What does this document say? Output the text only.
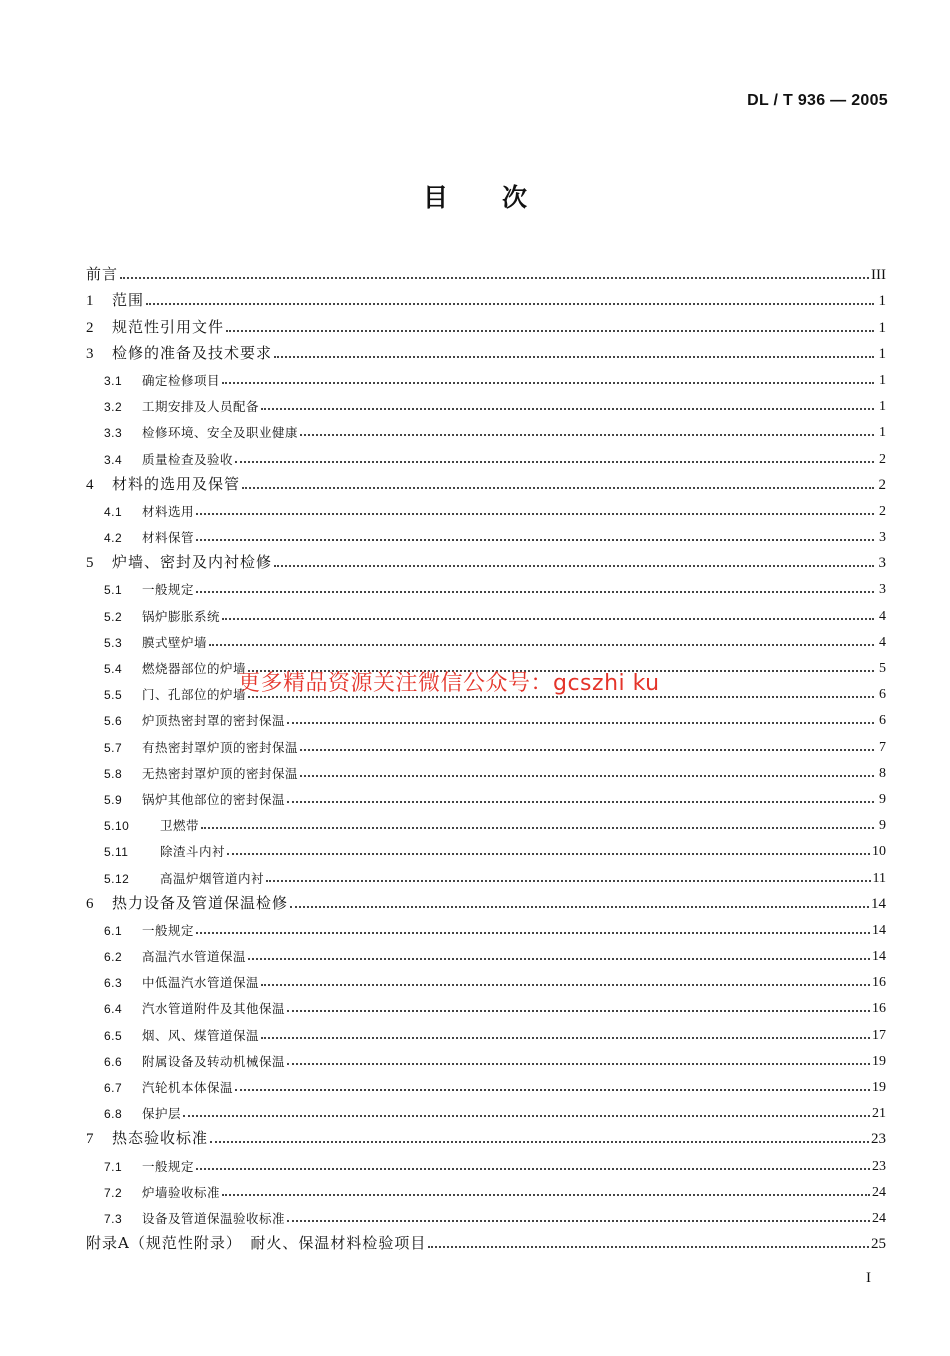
DL / T 936 — 2005
目次
前言	III
1 范围	1
2 规范性引用文件	1
3 检修的准备及技术要求	1
3.1 确定检修项目	1
3.2 工期安排及人员配备	1
3.3 检修环境、安全及职业健康	1
3.4 质量检查及验收	2
4 材料的选用及保管	2
4.1 材料选用	2
4.2 材料保管	3
5 炉墙、密封及内衬检修	3
5.1 一般规定	3
5.2 锅炉膨胀系统	4
5.3 膜式壁炉墙	4
5.4 燃烧器部位的炉墙	5
5.5 门、孔部位的炉墙	6
5.6 炉顶热密封罩的密封保温	6
5.7 有热密封罩炉顶的密封保温	7
5.8 无热密封罩炉顶的密封保温	8
5.9 锅炉其他部位的密封保温	9
5.10 卫燃带	9
5.11	除渣斗内衬	10
5.12 高温炉烟管道内衬	11
6 热力设备及管道保温检修	14
6.1 一般规定	14
6.2 高温汽水管道保温	14
6.3 中低温汽水管道保温	16
6.4 汽水管道附件及其他保温	16
6.5 烟、风、煤管道保温	17
6.6 附属设备及转动机械保温	19
6.7 汽轮机本体保温	19
6.8 保护层	21
7 热态验收标准	23
7.1 一般规定	23
7.2 炉墙验收标准	24
7.3 设备及管道保温验收标准	24
附录A（规范性附录）　耐火、保温材料检验项目	25
更多精品资源关注微信公众号：gcszhi ku
I
